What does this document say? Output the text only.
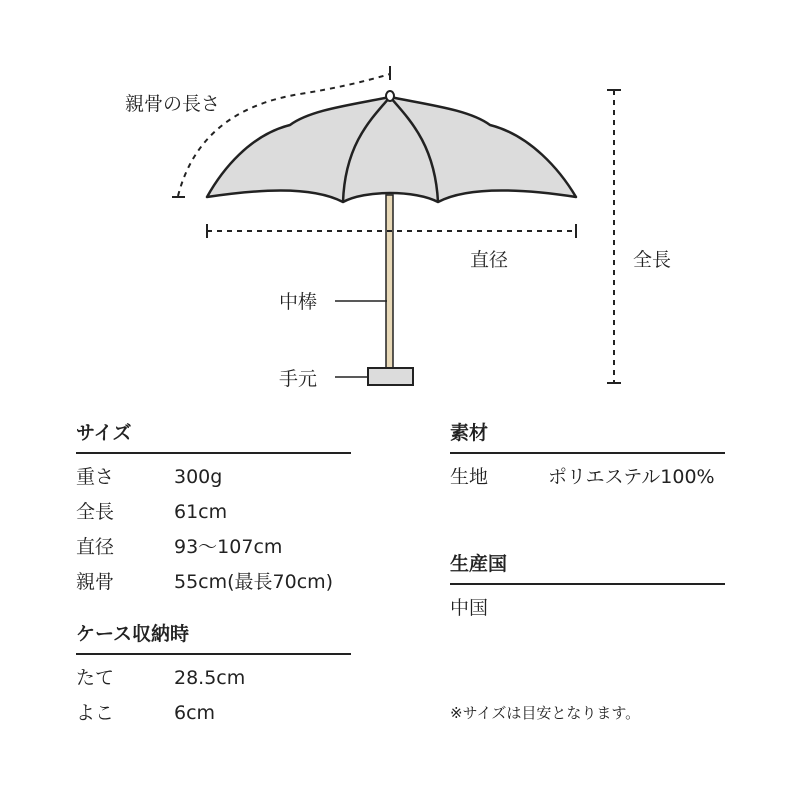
親骨の長さ
直径	全長
中棒
手元
サイズ
重さ	300g
全長	61cm
直径	93〜107cm
親骨	55cm(最長70cm)
ケース収納時
たて	28.5cm
よこ	6cm
素材
生地	ポリエステル100%
生産国
中国
※サイズは目安となります。
